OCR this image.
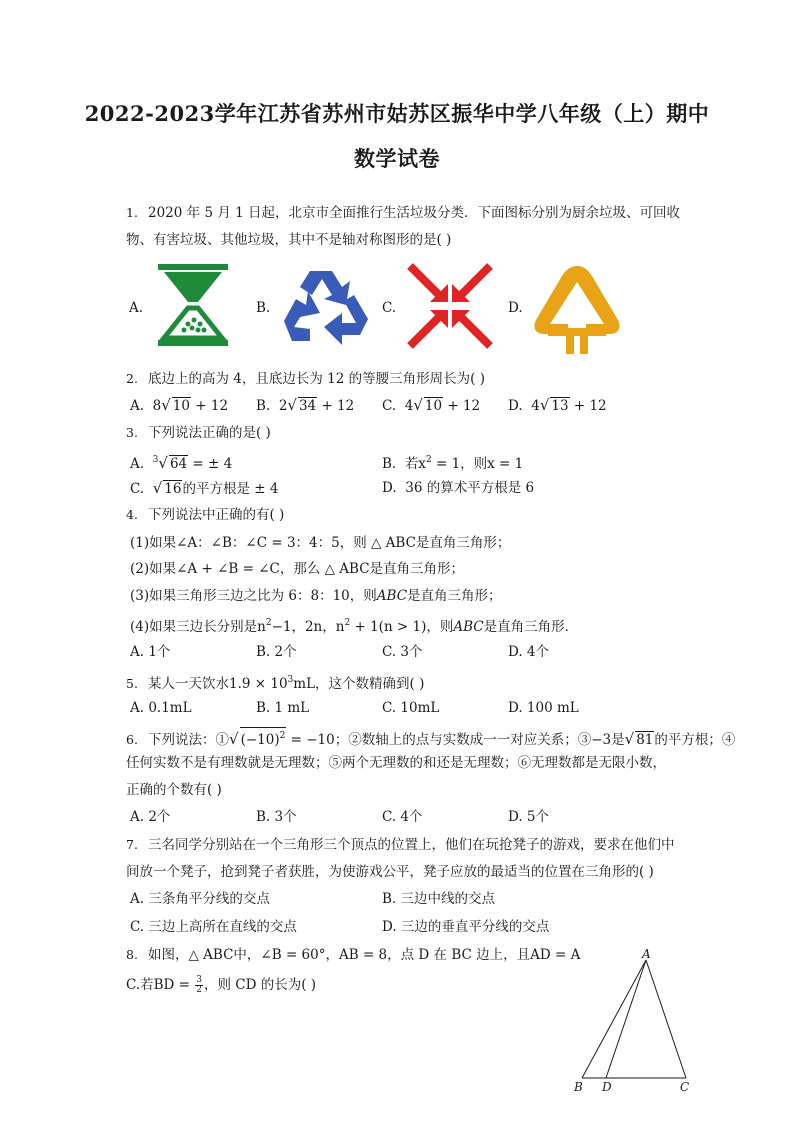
2022-2023学年江苏省苏州市姑苏区振华中学八年级（上）期中
数学试卷
1. 2020 年 5 月 1 日起，北京市全面推行生活垃圾分类．下面图标分别为厨余垃圾、可回收
物、有害垃圾、其他垃圾，其中不是轴对称图形的是( )
A.	B.	C.	D.
2. 底边上的高为 4，且底边长为 12 的等腰三角形周长为( )
A. 8√ 10 + 12 B. 2√ 34 + 12 C. 4√ 10 + 12 D. 4√ 13 + 12
3. 下列说法正确的是( )
A. $^3$√ 64 = ± 4	B. 若$x^2 = 1$，则x = 1
C. √ 16的平方根是 ± 4	D. 36 的算术平方根是 6
4. 下列说法中正确的有( )
(1)如果∠A：∠B：∠C = 3：4：5，则 △ ABC是直角三角形；
(2)如果∠A + ∠B = ∠C，那么 △ ABC是直角三角形；
(3)如果三角形三边之比为 6：8：10，则ABC是直角三角形；
(4)如果三边长分别是$n^2-1$，2n，$n^2 + 1(n > 1)$，则ABC是直角三角形．
A. 1个	B. 2个	C. 3个	D. 4个
5. 某人一天饮水$1.9 \times 10^3mL$，这个数精确到( )
A. 0.1mL	B. 1 mL	C. 10mL	D. 100 mL
6. 下列说法：①√ $(-10)^2 = -10$；②数轴上的点与实数成一一对应关系；③−3是√ 81的平方根；④
任何实数不是有理数就是无理数；⑤两个无理数的和还是无理数；⑥无理数都是无限小数，
正确的个数有( )
A. 2个	B. 3个	C. 4个	D. 5个
7. 三名同学分别站在一个三角形三个顶点的位置上，他们在玩抢凳子的游戏，要求在他们中
间放一个凳子，抢到凳子者获胜，为使游戏公平，凳子应放的最适当的位置在三角形的( )
A. 三条角平分线的交点	B. 三边中线的交点
C. 三边上高所在直线的交点	D. 三边的垂直平分线的交点
8. 如图，△ ABC中，∠B = 60°，AB = 8，点 D 在 BC 边上，且AD = A
C.若BD = $\frac{3}{2}$ ，则 CD 的长为( )
A
B D	C
